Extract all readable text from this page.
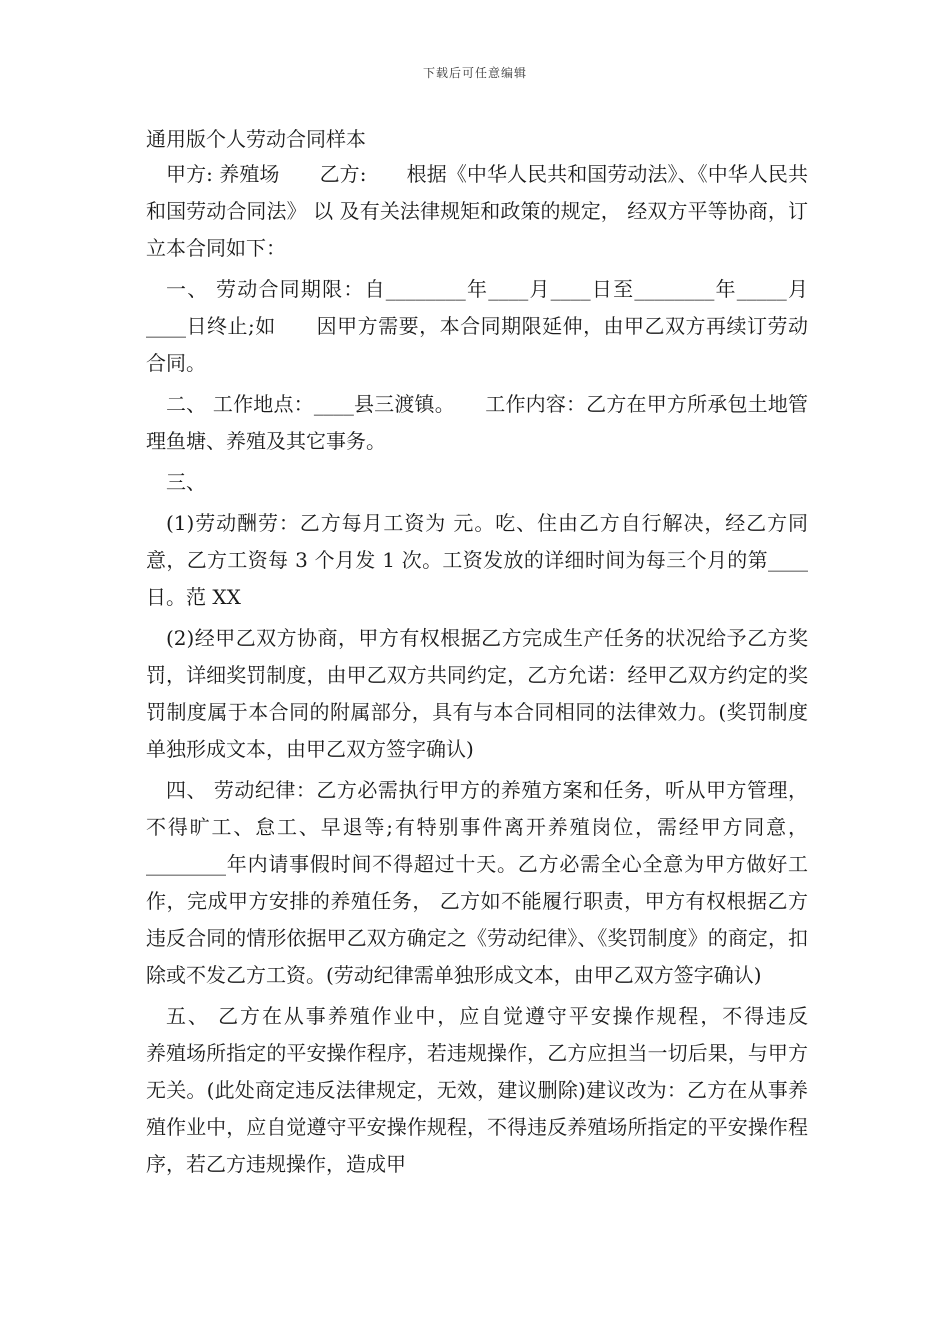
下载后可任意编辑
通用版个人劳动合同样本

甲方: 养殖场　　乙方:　　根据《中华人民共和国劳动法》、《中华人民共和国劳动合同法》 以 及有关法律规矩和政策的规定， 经双方平等协商，订立本合同如下：

一、 劳动合同期限：自________年____月____日至________年_____月____日终止;如　　因甲方需要，本合同期限延伸，由甲乙双方再续订劳动合同。

二、 工作地点：____县三渡镇。　　工作内容：乙方在甲方所承包土地管理鱼塘、养殖及其它事务。

三、

(1)劳动酬劳：乙方每月工资为 元。吃、住由乙方自行解决，经乙方同意，乙方工资每 3 个月发 1 次。工资发放的详细时间为每三个月的第____日。范 XX

(2)经甲乙双方协商，甲方有权根据乙方完成生产任务的状况给予乙方奖罚，详细奖罚制度，由甲乙双方共同约定，乙方允诺：经甲乙双方约定的奖罚制度属于本合同的附属部分，具有与本合同相同的法律效力。(奖罚制度单独形成文本，由甲乙双方签字确认)

四、 劳动纪律：乙方必需执行甲方的养殖方案和任务，听从甲方管理，不得旷工、怠工、早退等;有特别事件离开养殖岗位，需经甲方同意，________年内请事假时间不得超过十天。乙方必需全心全意为甲方做好工作，完成甲方安排的养殖任务， 乙方如不能履行职责，甲方有权根据乙方违反合同的情形依据甲乙双方确定之《劳动纪律》、《奖罚制度》的商定，扣除或不发乙方工资。(劳动纪律需单独形成文本，由甲乙双方签字确认)

五、 乙方在从事养殖作业中，应自觉遵守平安操作规程，不得违反　　养殖场所指定的平安操作程序，若违规操作，乙方应担当一切后果，与甲方无关。(此处商定违反法律规定，无效，建议删除)建议改为：乙方在从事养殖作业中，应自觉遵守平安操作规程，不得违反养殖场所指定的平安操作程序，若乙方违规操作，造成甲
